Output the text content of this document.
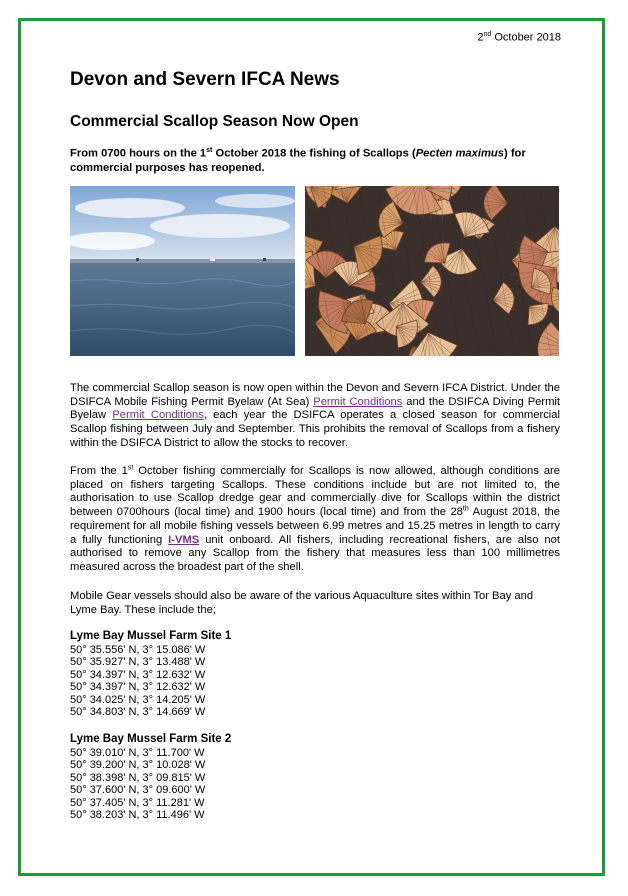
2nd October 2018
Devon and Severn IFCA News
Commercial Scallop Season Now Open
From 0700 hours on the 1st October 2018 the fishing of Scallops (Pecten maximus) for commercial purposes has reopened.
The commercial Scallop season is now open within the Devon and Severn IFCA District. Under the DSIFCA Mobile Fishing Permit Byelaw (At Sea) Permit Conditions and the DSIFCA Diving Permit Byelaw Permit Conditions, each year the DSIFCA operates a closed season for commercial Scallop fishing between July and September. This prohibits the removal of Scallops from a fishery within the DSIFCA District to allow the stocks to recover.
From the 1st October fishing commercially for Scallops is now allowed, although conditions are placed on fishers targeting Scallops. These conditions include but are not limited to, the authorisation to use Scallop dredge gear and commercially dive for Scallops within the district between 0700hours (local time) and 1900 hours (local time) and from the 28th August 2018, the requirement for all mobile fishing vessels between 6.99 metres and 15.25 metres in length to carry a fully functioning I-VMS unit onboard. All fishers, including recreational fishers, are also not authorised to remove any Scallop from the fishery that measures less than 100 millimetres measured across the broadest part of the shell.
Mobile Gear vessels should also be aware of the various Aquaculture sites within Tor Bay and Lyme Bay. These include the;
Lyme Bay Mussel Farm Site 1
50° 35.556' N, 3° 15.086' W
50° 35.927' N, 3° 13.488' W
50° 34.397' N, 3° 12.632' W
50° 34.397' N, 3° 12.632' W
50° 34.025' N, 3° 14.205' W
50° 34.803' N, 3° 14.669' W
Lyme Bay Mussel Farm Site 2
50° 39.010' N, 3° 11.700' W
50° 39.200' N, 3° 10.028' W
50° 38.398' N, 3° 09.815' W
50° 37.600' N, 3° 09.600' W
50° 37.405' N, 3° 11.281' W
50° 38.203' N, 3° 11.496' W
